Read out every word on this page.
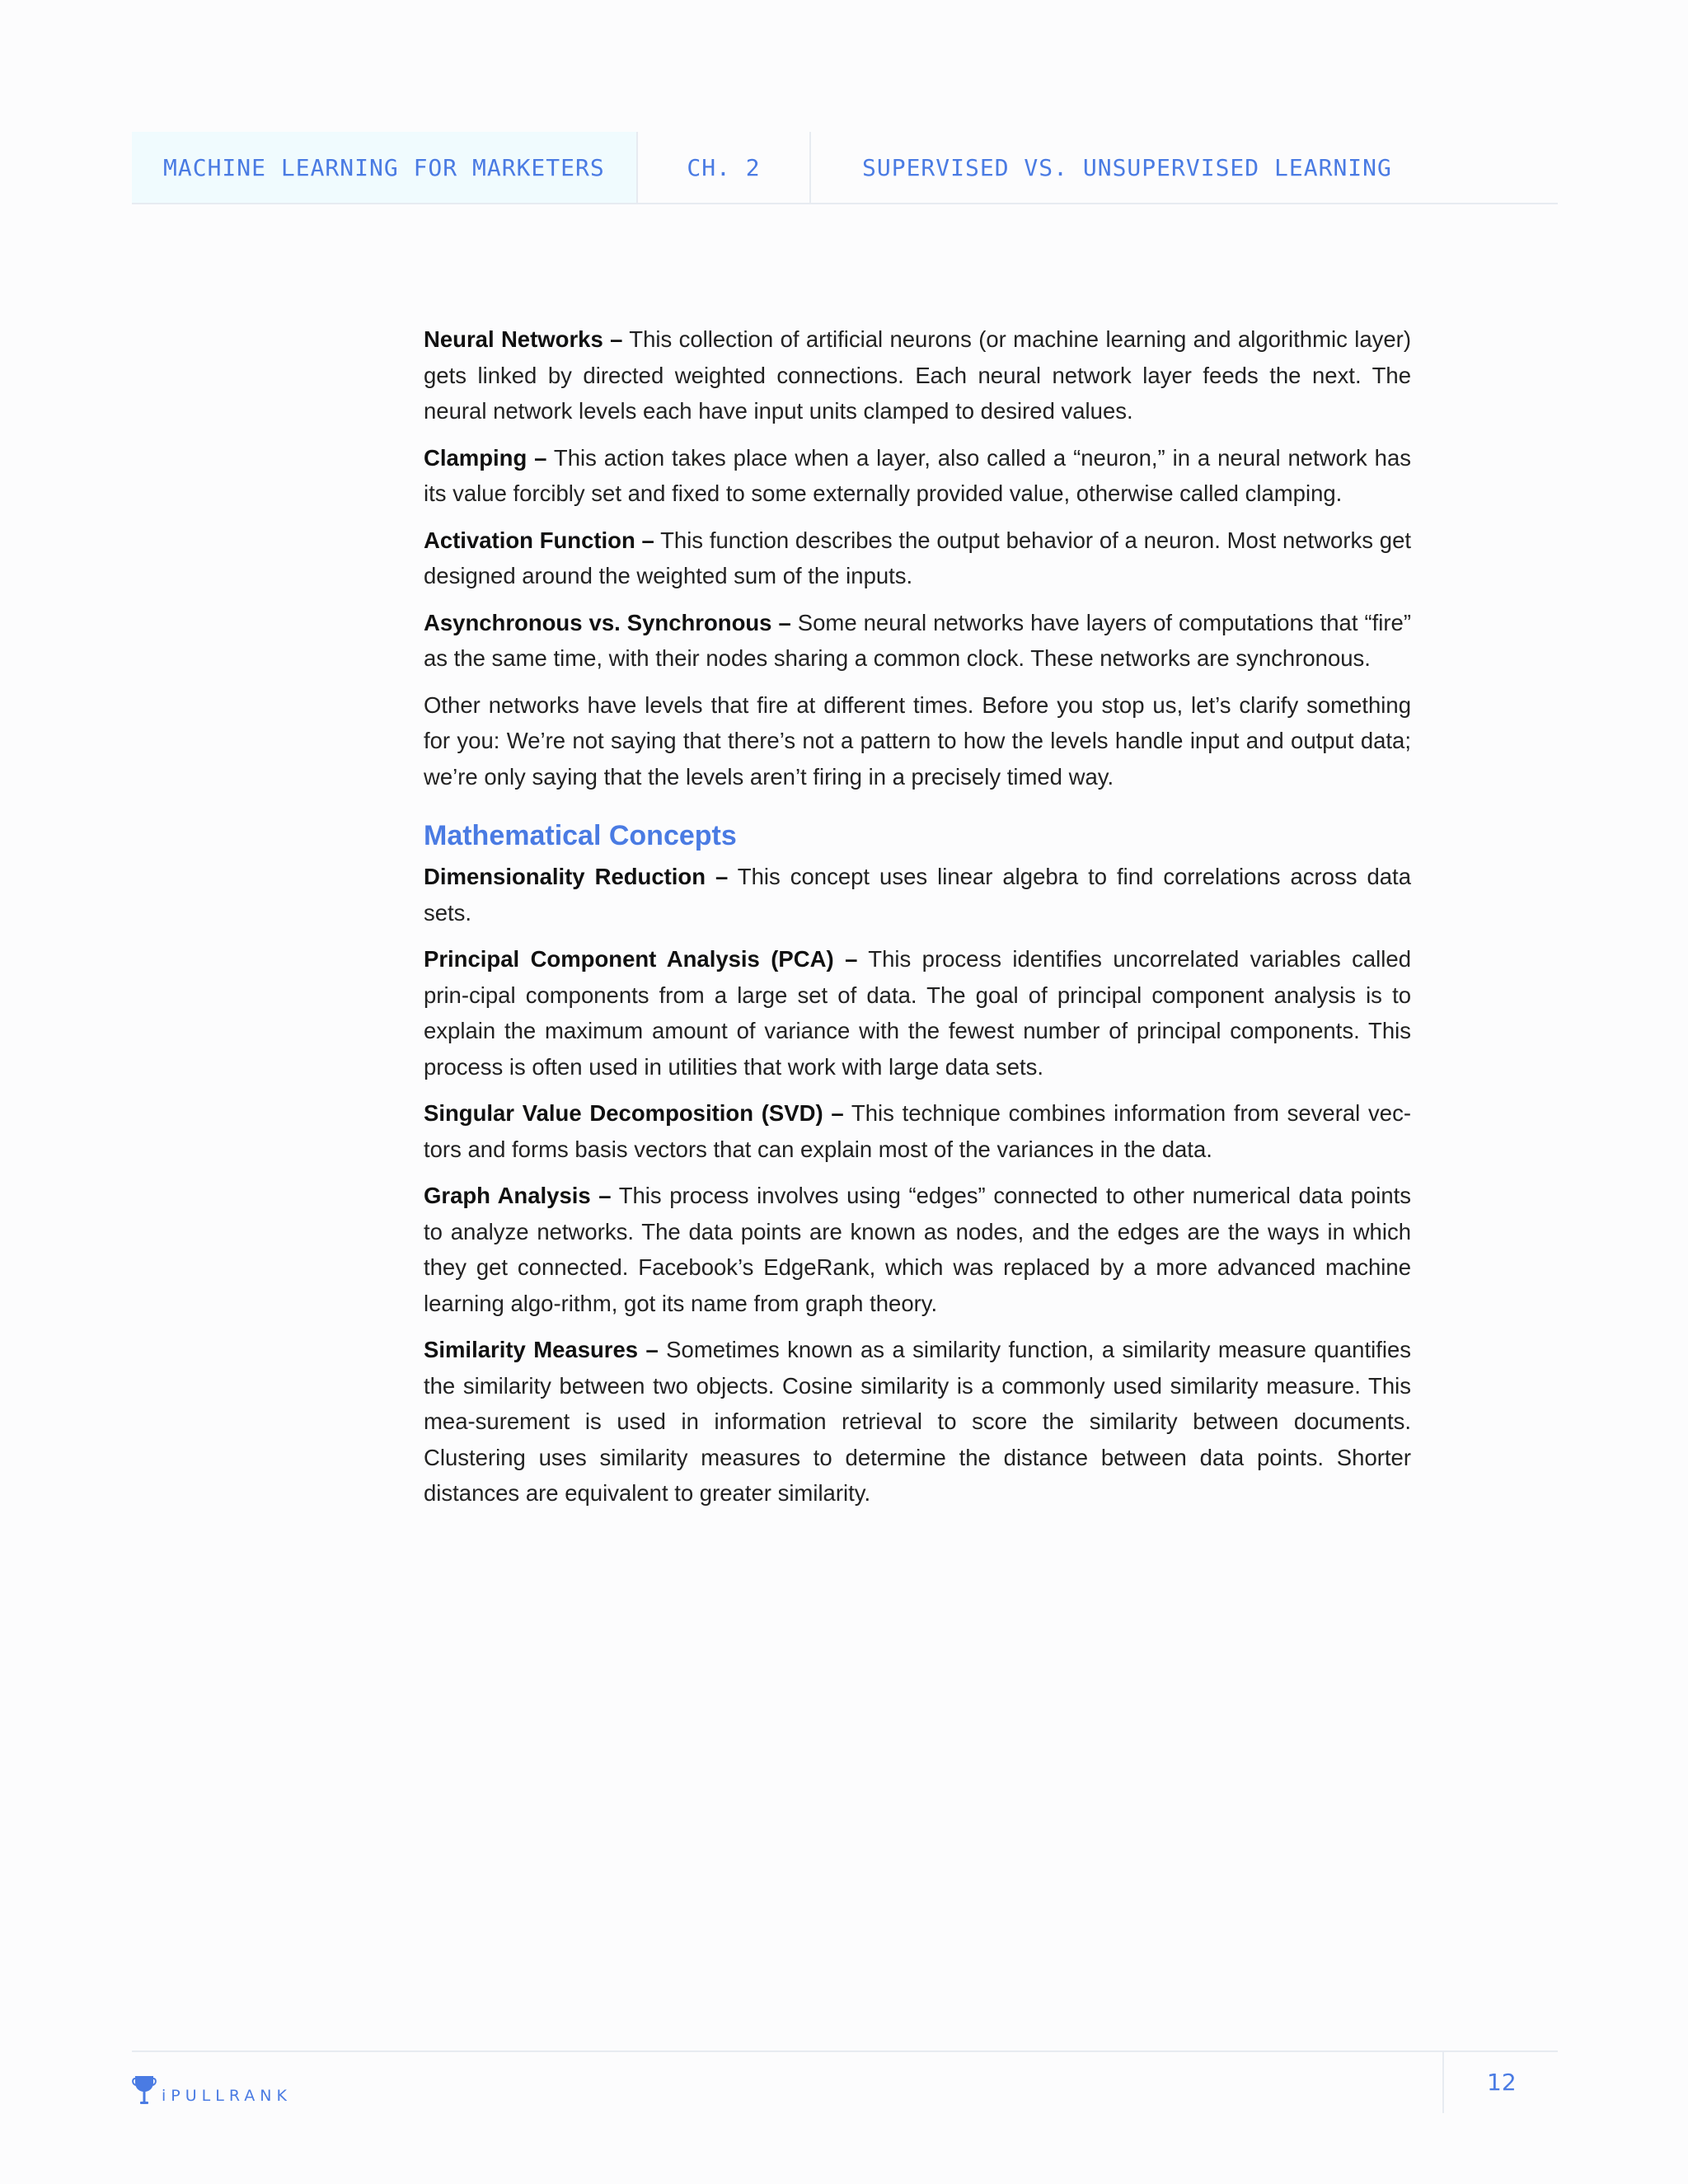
MACHINE LEARNING FOR MARKETERS	CH. 2	SUPERVISED VS. UNSUPERVISED LEARNING

Neural Networks – This collection of artificial neurons (or machine learning and algorithmic layer) gets linked by directed weighted connections. Each neural network layer feeds the next. The neural network levels each have input units clamped to desired values.

Clamping – This action takes place when a layer, also called a “neuron,” in a neural network has its value forcibly set and fixed to some externally provided value, otherwise called clamping.

Activation Function – This function describes the output behavior of a neuron. Most networks get designed around the weighted sum of the inputs.

Asynchronous vs. Synchronous – Some neural networks have layers of computations that “fire” as the same time, with their nodes sharing a common clock. These networks are synchronous.

Other networks have levels that fire at different times. Before you stop us, let’s clarify something for you: We’re not saying that there’s not a pattern to how the levels handle input and output data; we’re only saying that the levels aren’t firing in a precisely timed way.

Mathematical Concepts

Dimensionality Reduction – This concept uses linear algebra to find correlations across data sets.

Principal Component Analysis (PCA) – This process identifies uncorrelated variables called prin-cipal components from a large set of data. The goal of principal component analysis is to explain the maximum amount of variance with the fewest number of principal components. This process is often used in utilities that work with large data sets.

Singular Value Decomposition (SVD) – This technique combines information from several vec-tors and forms basis vectors that can explain most of the variances in the data.

Graph Analysis – This process involves using “edges” connected to other numerical data points to analyze networks. The data points are known as nodes, and the edges are the ways in which they get connected. Facebook’s EdgeRank, which was replaced by a more advanced machine learning algo-rithm, got its name from graph theory.

Similarity Measures – Sometimes known as a similarity function, a similarity measure quantifies the similarity between two objects. Cosine similarity is a commonly used similarity measure. This mea-surement is used in information retrieval to score the similarity between documents. Clustering uses similarity measures to determine the distance between data points. Shorter distances are equivalent to greater similarity.

iPULLRANK	12
